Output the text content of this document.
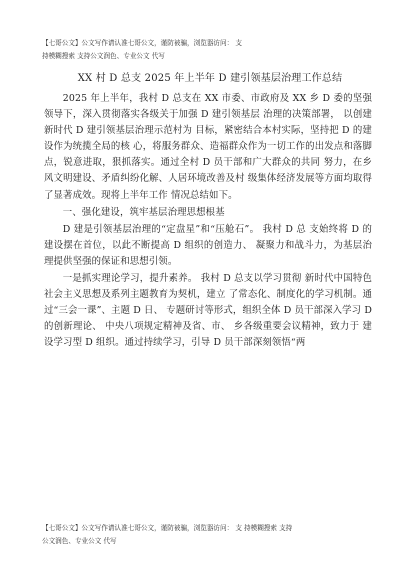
【七哥公文】公文写作请认准七哥公文，谨防被骗，浏览器访问： 支
持模糊搜索 支持公文润色、专业公文 代写
XX 村 D 总支 2025 年上半年 D 建引领基层治理工作总结

2025 年上半年，我村 D 总支在 XX 市委、市政府及 XX 乡 D 委的坚强领导下，深入贯彻落实各级关于加强 D 建引领基层 治理的决策部署， 以创建新时代 D 建引领基层治理示范村为 目标，紧密结合本村实际，坚持把 D 的建设作为统揽全局的核 心，将服务群众、造福群众作为一切工作的出发点和落脚点，锐意进取，狠抓落实。通过全村 D 员干部和广大群众的共同 努力，在乡风文明建设、矛盾纠纷化解、人居环境改善及村 级集体经济发展等方面均取得了显著成效。现将上半年工作 情况总结如下。

一、强化建设，筑牢基层治理思想根基

D 建是引领基层治理的“定盘星”和“压舱石”。 我村 D 总 支始终将 D 的建设摆在首位，以此不断提高 D 组织的创造力、 凝聚力和战斗力，为基层治理提供坚强的保证和思想引领。

一是抓实理论学习，提升素养。 我村 D 总支以学习贯彻 新时代中国特色社会主义思想及系列主题教育为契机，建立 了常态化、制度化的学习机制。通过“三会一课”、主题 D 日、 专题研讨等形式，组织全体 D 员干部深入学习 D 的创新理论、 中央八项规定精神及省、市、 乡各级重要会议精神，致力于 建设学习型 D 组织。通过持续学习，引导 D 员干部深刻领悟“两

【七哥公文】公文写作请认准七哥公文，谨防被骗，浏览器访问： 支 持模糊搜索 支持
公文润色、专业公文 代写
